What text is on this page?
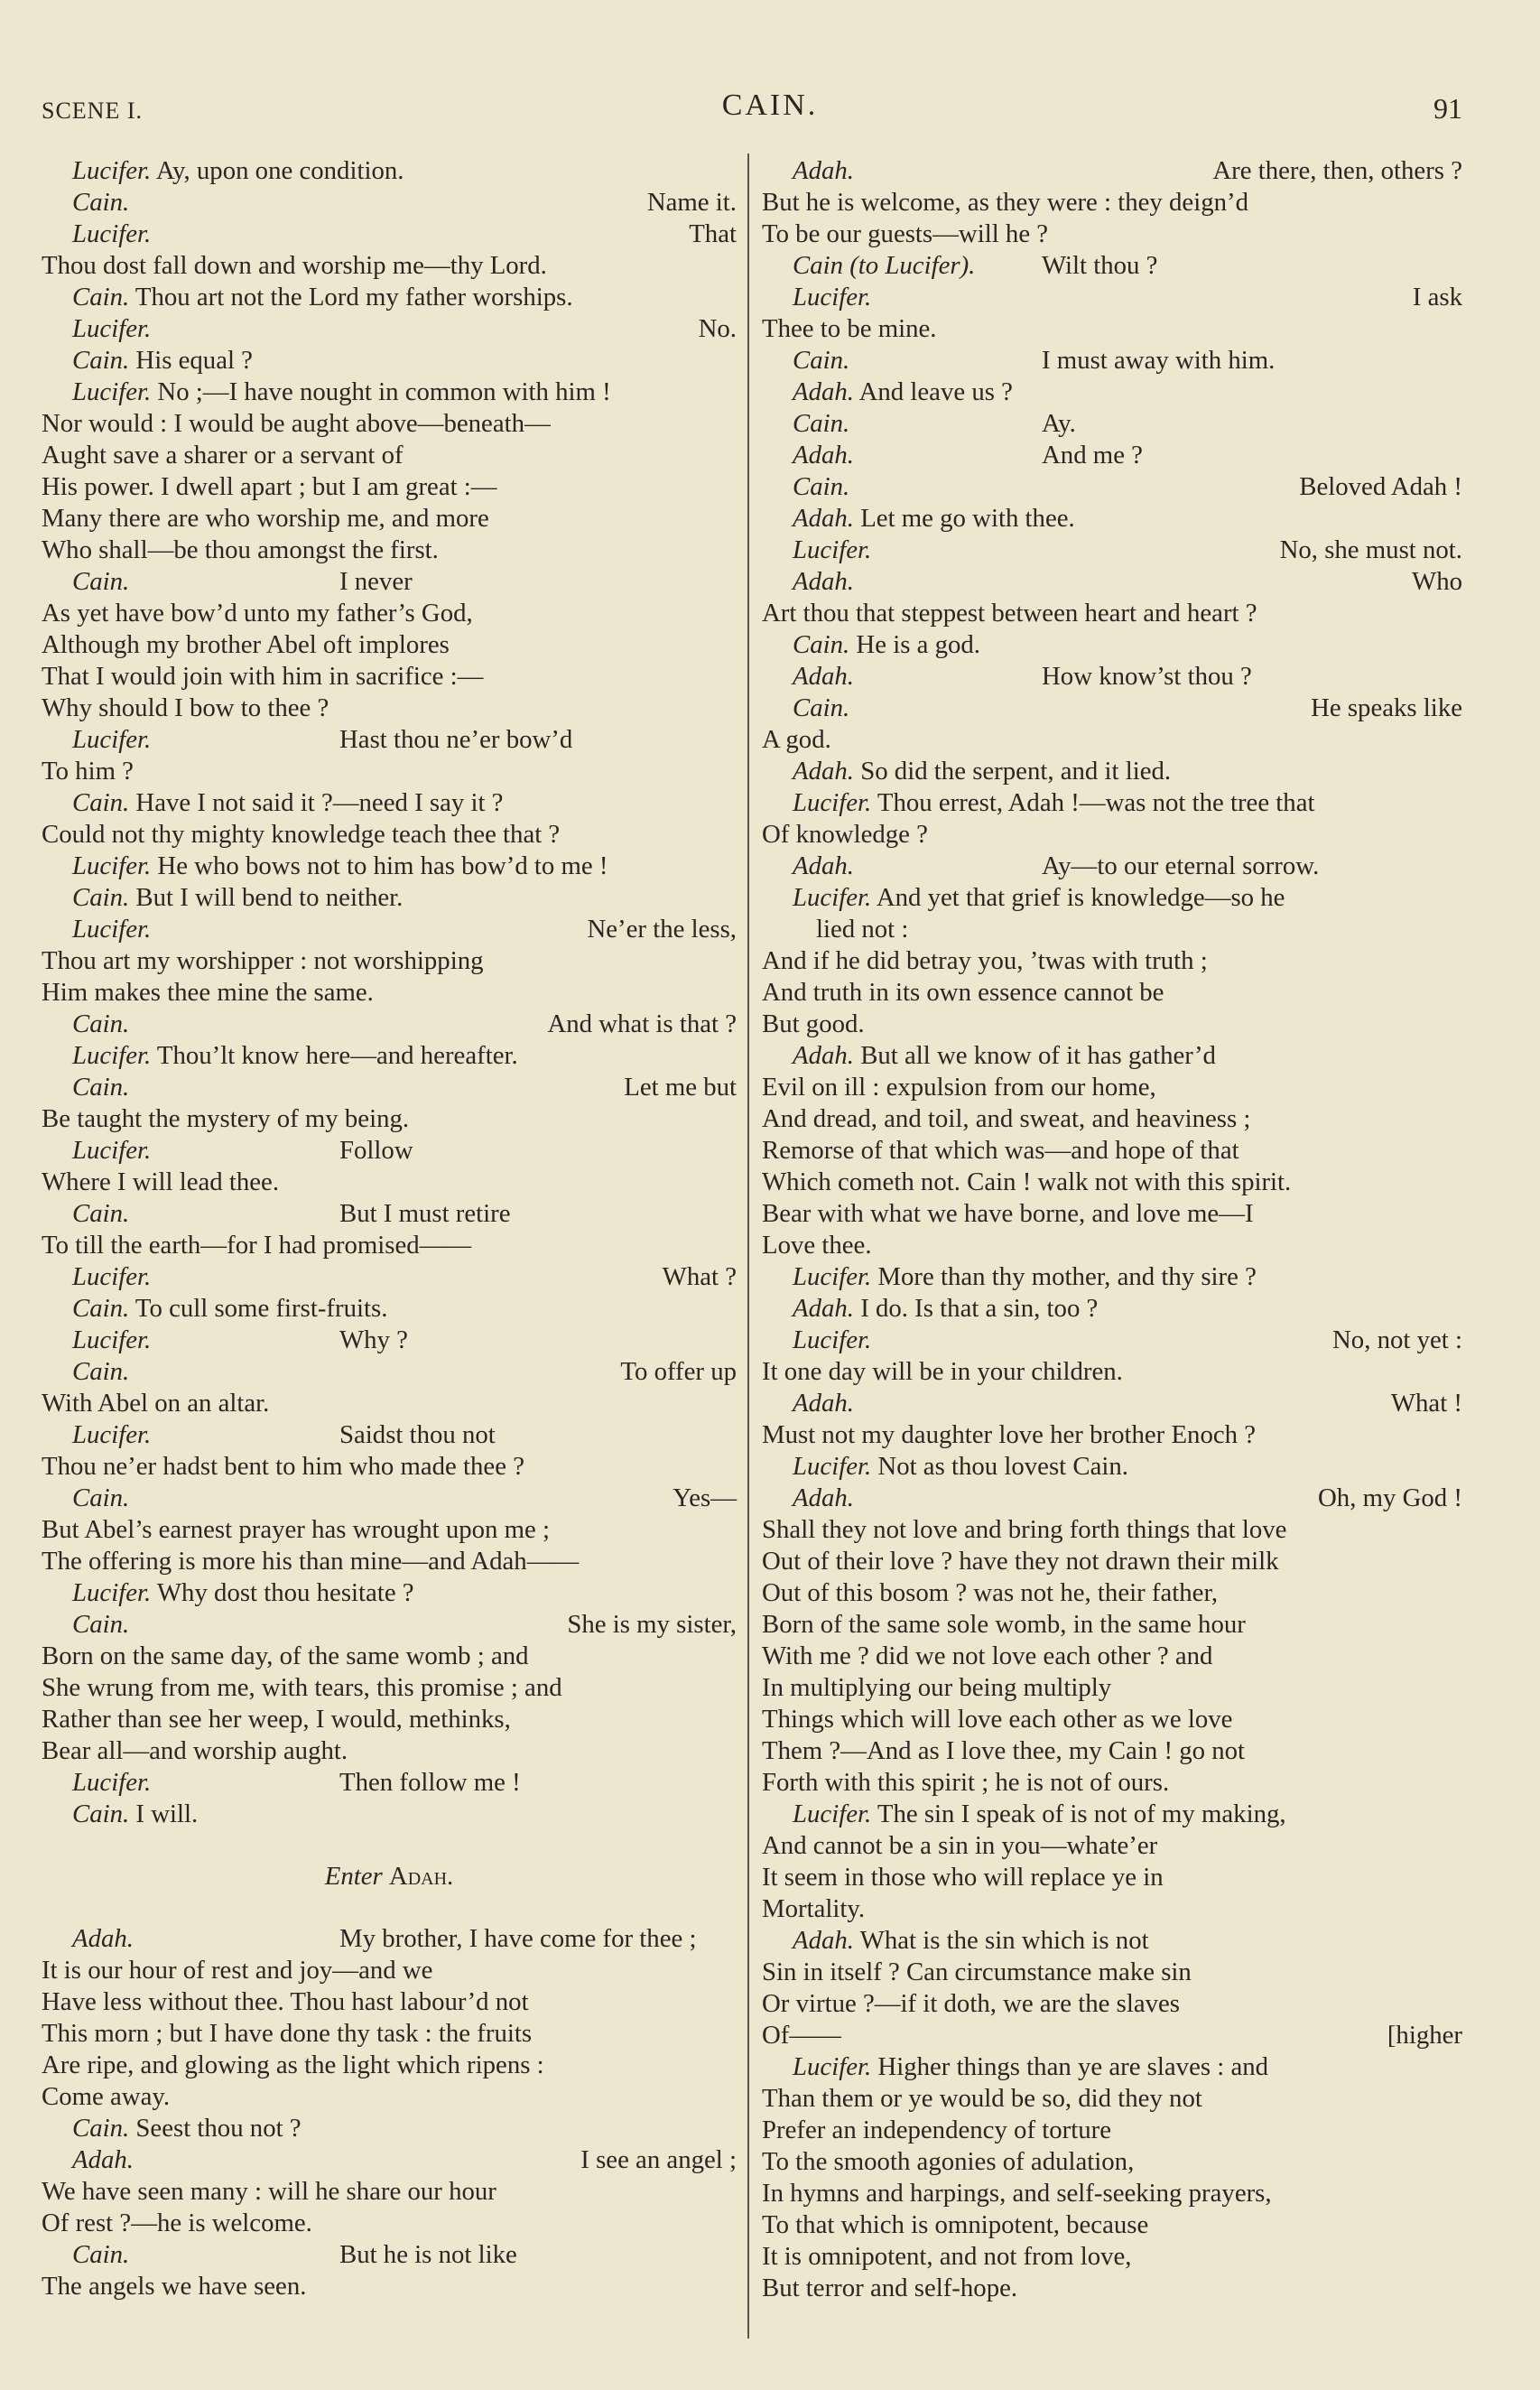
SCENE I.	CAIN.	91
Lucifer. Ay, upon one condition.
Cain.	Name it.
Lucifer.	That
Thou dost fall down and worship me—thy Lord.
Cain. Thou art not the Lord my father worships.
Lucifer.	No.
Cain. His equal ?
Lucifer. No ;—I have nought in common with him !
Nor would : I would be aught above—beneath—
Aught save a sharer or a servant of
His power. I dwell apart ; but I am great :—
Many there are who worship me, and more
Who shall—be thou amongst the first.
Cain.	I never
As yet have bow’d unto my father’s God,
Although my brother Abel oft implores
That I would join with him in sacrifice :—
Why should I bow to thee ?
Lucifer.	Hast thou ne’er bow’d
To him ?
Cain. Have I not said it ?—need I say it ?
Could not thy mighty knowledge teach thee that ?
Lucifer. He who bows not to him has bow’d to me !
Cain. But I will bend to neither.
Lucifer.	Ne’er the less,
Thou art my worshipper : not worshipping
Him makes thee mine the same.
Cain.	And what is that ?
Lucifer. Thou’lt know here—and hereafter.
Cain.	Let me but
Be taught the mystery of my being.
Lucifer.	Follow
Where I will lead thee.
Cain.	But I must retire
To till the earth—for I had promised——
Lucifer.	What ?
Cain. To cull some first-fruits.
Lucifer.	Why ?
Cain.	To offer up
With Abel on an altar.
Lucifer.	Saidst thou not
Thou ne’er hadst bent to him who made thee ?
Cain.	Yes—
But Abel’s earnest prayer has wrought upon me ;
The offering is more his than mine—and Adah——
Lucifer. Why dost thou hesitate ?
Cain.	She is my sister,
Born on the same day, of the same womb ; and
She wrung from me, with tears, this promise ; and
Rather than see her weep, I would, methinks,
Bear all—and worship aught.
Lucifer.	Then follow me !
Cain. I will.
Enter Adah.
Adah.	My brother, I have come for thee ;
It is our hour of rest and joy—and we
Have less without thee. Thou hast labour’d not
This morn ; but I have done thy task : the fruits
Are ripe, and glowing as the light which ripens :
Come away.
Cain. Seest thou not ?
Adah.	I see an angel ;
We have seen many : will he share our hour
Of rest ?—he is welcome.
Cain.	But he is not like
The angels we have seen.
Adah.	Are there, then, others ?
But he is welcome, as they were : they deign’d
To be our guests—will he ?
Cain (to Lucifer).	Wilt thou ?
Lucifer.	I ask
Thee to be mine.
Cain.	I must away with him.
Adah. And leave us ?
Cain.	Ay.
Adah.	And me ?
Cain.	Beloved Adah !
Adah. Let me go with thee.
Lucifer.	No, she must not.
Adah.	Who
Art thou that steppest between heart and heart ?
Cain. He is a god.
Adah.	How know’st thou ?
Cain.	He speaks like
A god.
Adah. So did the serpent, and it lied.
Lucifer. Thou errest, Adah !—was not the tree that
Of knowledge ?
Adah.	Ay—to our eternal sorrow.
Lucifer. And yet that grief is knowledge—so he
lied not :
And if he did betray you, ’twas with truth ;
And truth in its own essence cannot be
But good.
Adah. But all we know of it has gather’d
Evil on ill : expulsion from our home,
And dread, and toil, and sweat, and heaviness ;
Remorse of that which was—and hope of that
Which cometh not. Cain ! walk not with this spirit.
Bear with what we have borne, and love me—I
Love thee.
Lucifer. More than thy mother, and thy sire ?
Adah. I do. Is that a sin, too ?
Lucifer.	No, not yet :
It one day will be in your children.
Adah.	What !
Must not my daughter love her brother Enoch ?
Lucifer. Not as thou lovest Cain.
Adah.	Oh, my God !
Shall they not love and bring forth things that love
Out of their love ? have they not drawn their milk
Out of this bosom ? was not he, their father,
Born of the same sole womb, in the same hour
With me ? did we not love each other ? and
In multiplying our being multiply
Things which will love each other as we love
Them ?—And as I love thee, my Cain ! go not
Forth with this spirit ; he is not of ours.
Lucifer. The sin I speak of is not of my making,
And cannot be a sin in you—whate’er
It seem in those who will replace ye in
Mortality.
Adah. What is the sin which is not
Sin in itself ? Can circumstance make sin
Or virtue ?—if it doth, we are the slaves
Of——	[higher
Lucifer. Higher things than ye are slaves : and
Than them or ye would be so, did they not
Prefer an independency of torture
To the smooth agonies of adulation,
In hymns and harpings, and self-seeking prayers,
To that which is omnipotent, because
It is omnipotent, and not from love,
But terror and self-hope.
